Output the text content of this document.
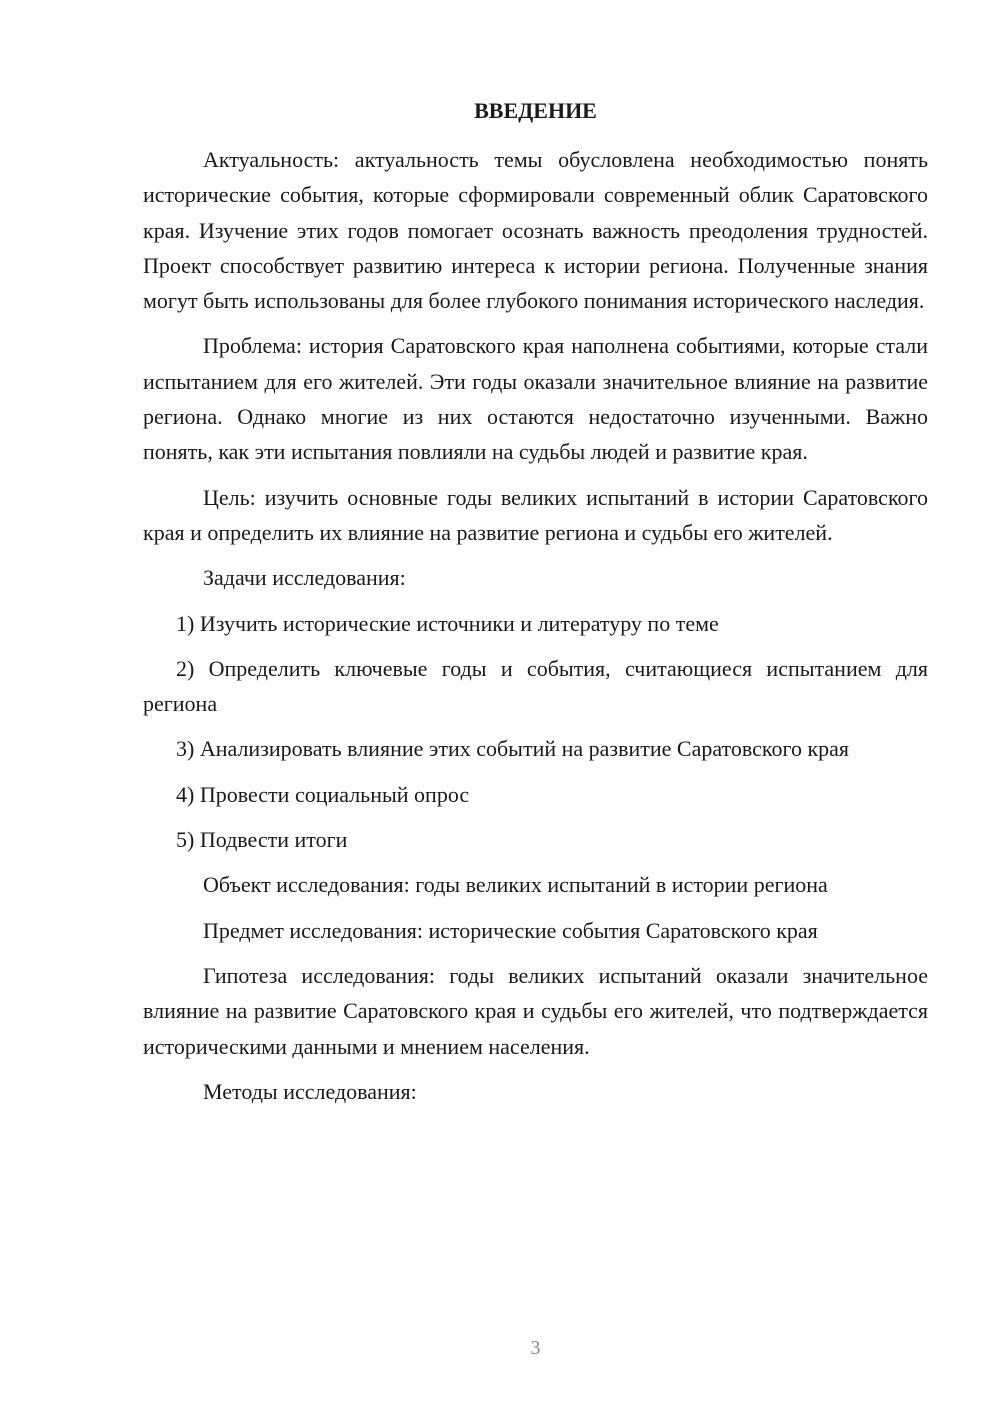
ВВЕДЕНИЕ

Актуальность: актуальность темы обусловлена необходимостью понять исторические события, которые сформировали современный облик Саратовского края. Изучение этих годов помогает осознать важность преодоления трудностей. Проект способствует развитию интереса к истории региона. Полученные знания могут быть использованы для более глубокого понимания исторического наследия.

Проблема: история Саратовского края наполнена событиями, которые стали испытанием для его жителей. Эти годы оказали значительное влияние на развитие региона. Однако многие из них остаются недостаточно изученными. Важно понять, как эти испытания повлияли на судьбы людей и развитие края.

Цель: изучить основные годы великих испытаний в истории Саратовского края и определить их влияние на развитие региона и судьбы его жителей.

Задачи исследования:

1) Изучить исторические источники и литературу по теме

2) Определить ключевые годы и события, считающиеся испытанием для региона

3) Анализировать влияние этих событий на развитие Саратовского края

4) Провести социальный опрос

5) Подвести итоги

Объект исследования: годы великих испытаний в истории региона

Предмет исследования: исторические события Саратовского края

Гипотеза исследования: годы великих испытаний оказали значительное влияние на развитие Саратовского края и судьбы его жителей, что подтверждается историческими данными и мнением населения.

Методы исследования:

3
